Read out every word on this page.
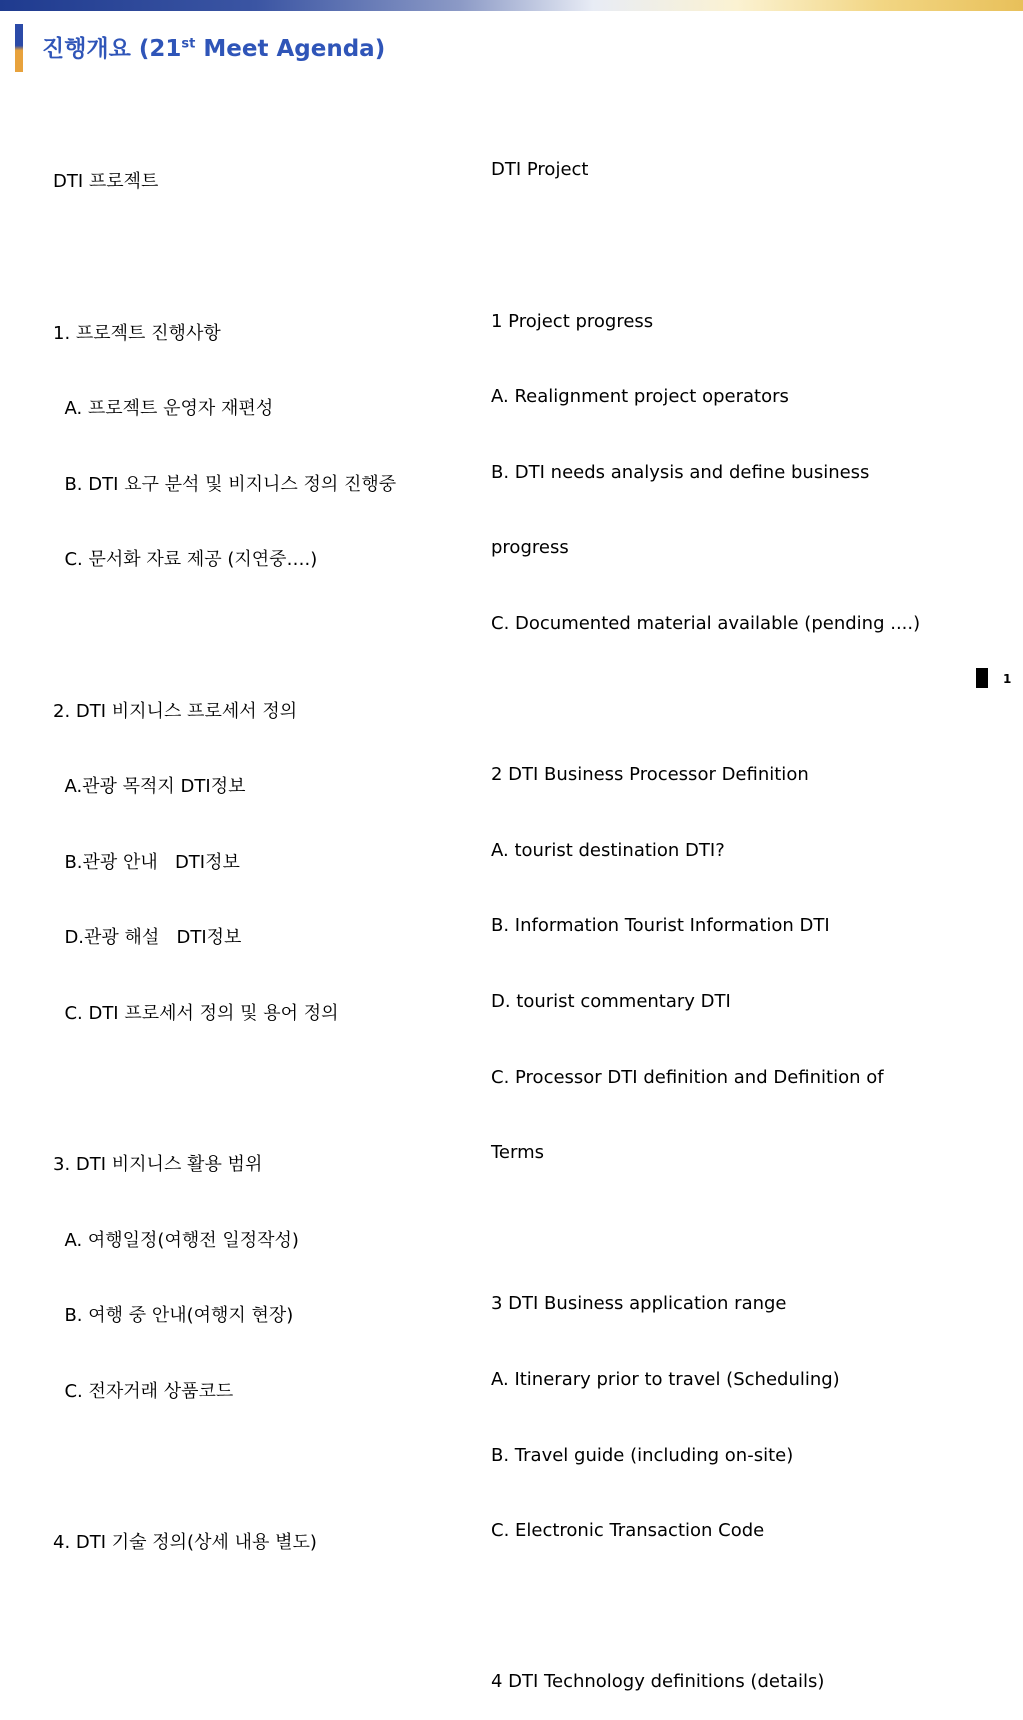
진행개요 (21st Meet Agenda)

DTI 프로젝트

1. 프로젝트 진행사항

A. 프로젝트 운영자 재편성

B. DTI 요구 분석 및 비지니스 정의 진행중

C. 문서화 자료 제공 (지연중….)

2. DTI 비지니스 프로세서 정의

A.관광 목적지 DTI정보

B.관광 안내   DTI정보

D.관광 해설   DTI정보

C. DTI 프로세서 정의 및 용어 정의

3. DTI 비지니스 활용 범위

A. 여행일정(여행전 일정작성)

B. 여행 중 안내(여행지 현장)

C. 전자거래 상품코드

4. DTI 기술 정의(상세 내용 별도)

DTI Project

1 Project progress

A. Realignment project operators

B. DTI needs analysis and define business

progress

C. Documented material available (pending ....)

2 DTI Business Processor Definition

A. tourist destination DTI?

B. Information Tourist Information DTI

D. tourist commentary DTI

C. Processor DTI definition and Definition of

Terms

3 DTI Business application range

A. Itinerary prior to travel (Scheduling)

B. Travel guide (including on-site)

C. Electronic Transaction Code

4 DTI Technology definitions (details)

1
